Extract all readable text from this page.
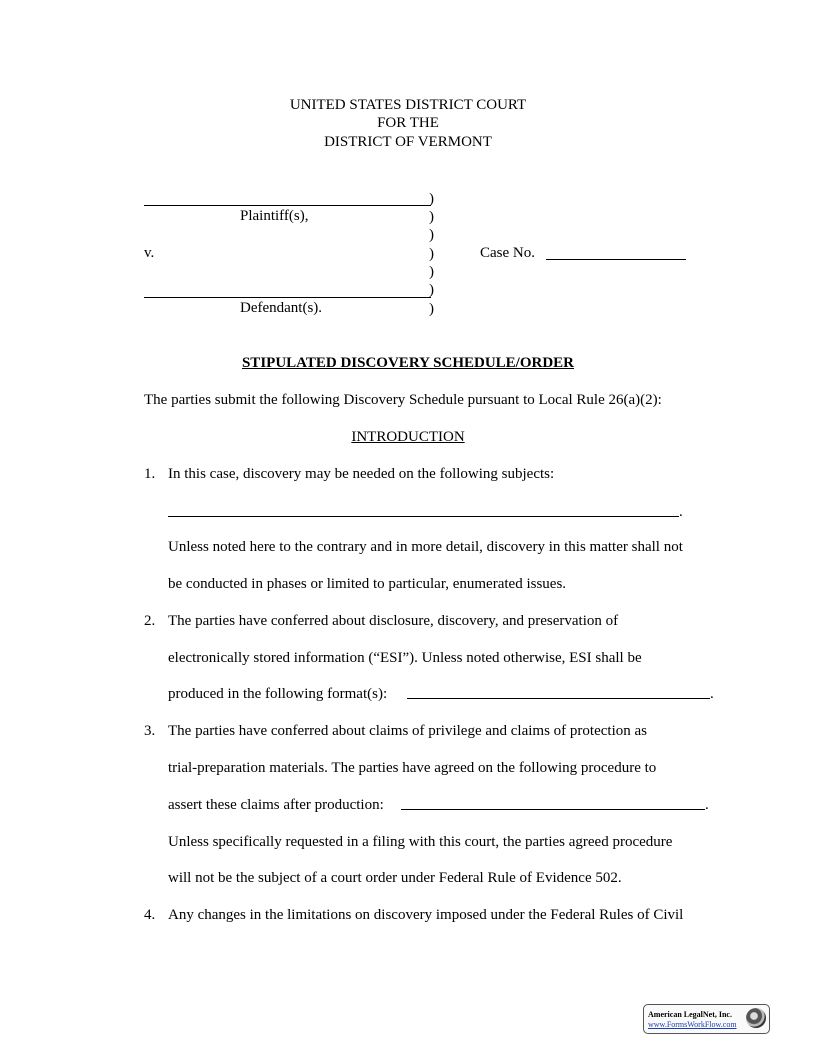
UNITED STATES DISTRICT COURT
FOR THE
DISTRICT OF VERMONT
Plaintiff(s),
v.
Defendant(s).
)
)
)
)
)
)
)
Case No.
STIPULATED DISCOVERY SCHEDULE/ORDER
The parties submit the following Discovery Schedule pursuant to Local Rule 26(a)(2):
INTRODUCTION
1. In this case, discovery may be needed on the following subjects:
.
Unless noted here to the contrary and in more detail, discovery in this matter shall not
be conducted in phases or limited to particular, enumerated issues.
2. The parties have conferred about disclosure, discovery, and preservation of
electronically stored information (“ESI”). Unless noted otherwise, ESI shall be
produced in the following format(s):	.
3. The parties have conferred about claims of privilege and claims of protection as
trial-preparation materials. The parties have agreed on the following procedure to
assert these claims after production:	.
Unless specifically requested in a filing with this court, the parties agreed procedure
will not be the subject of a court order under Federal Rule of Evidence 502.
4. Any changes in the limitations on discovery imposed under the Federal Rules of Civil
American LegalNet, Inc.
www.FormsWorkFlow.com
